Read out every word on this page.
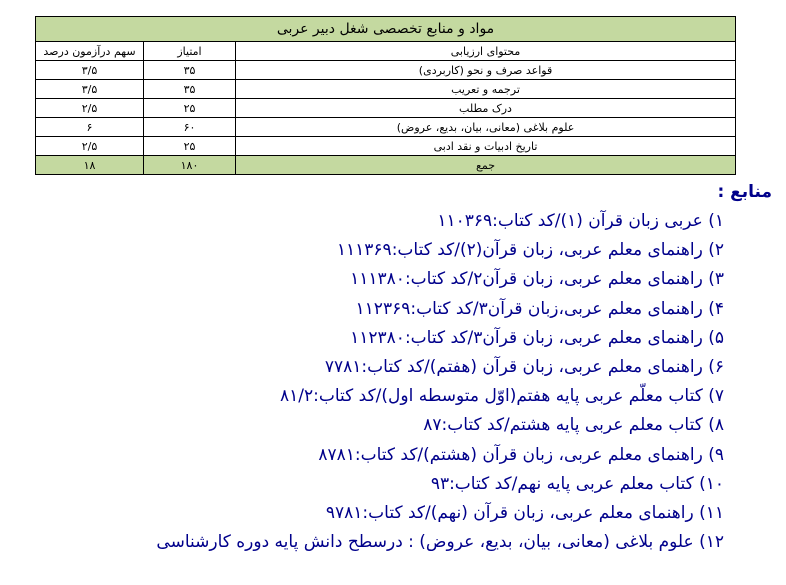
مواد و منابع تخصصی شغل دبیر عربی		
سهم درآزمون درصد	امتیاز	محتوای ارزیابی
۳/۵	۳۵	قواعد صرف و نحو (کاربردی)
۳/۵	۳۵	ترجمه و تعریب
۲/۵	۲۵	درک مطلب
۶	۶۰	علوم بلاغی (معانی، بیان، بدیع، عروض)
۲/۵	۲۵	تاریخ ادبیات و نقد ادبی
۱۸	۱۸۰	جمع
منابع :
۱) عربی زبان قرآن (۱)/کد کتاب:۱۱۰۳۶۹
۲) راهنمای معلم عربی، زبان قرآن(۲)/کد کتاب:۱۱۱۳۶۹
۳) راهنمای معلم عربی، زبان قرآن۲/کد کتاب:۱۱۱۳۸۰
۴) راهنمای معلم عربی،زبان قرآن۳/کد کتاب:۱۱۲۳۶۹
۵) راهنمای معلم عربی، زبان قرآن۳/کد کتاب:۱۱۲۳۸۰
۶) راهنمای معلم عربی، زبان قرآن (هفتم)/کد کتاب:۷۷۸۱
۷) کتاب معلّم عربی پایه هفتم(اوّل متوسطه اول)/کد کتاب:۸۱/۲
۸) کتاب معلم عربی پایه هشتم/کد کتاب:۸۷
۹) راهنمای معلم عربی، زبان قرآن (هشتم)/کد کتاب:۸۷۸۱
۱۰) کتاب معلم عربی پایه نهم/کد کتاب:۹۳
۱۱) راهنمای معلم عربی، زبان قرآن (نهم)/کد کتاب:۹۷۸۱
۱۲) علوم بلاغی (معانی، بیان، بدیع، عروض) : درسطح دانش پایه دوره کارشناسی
